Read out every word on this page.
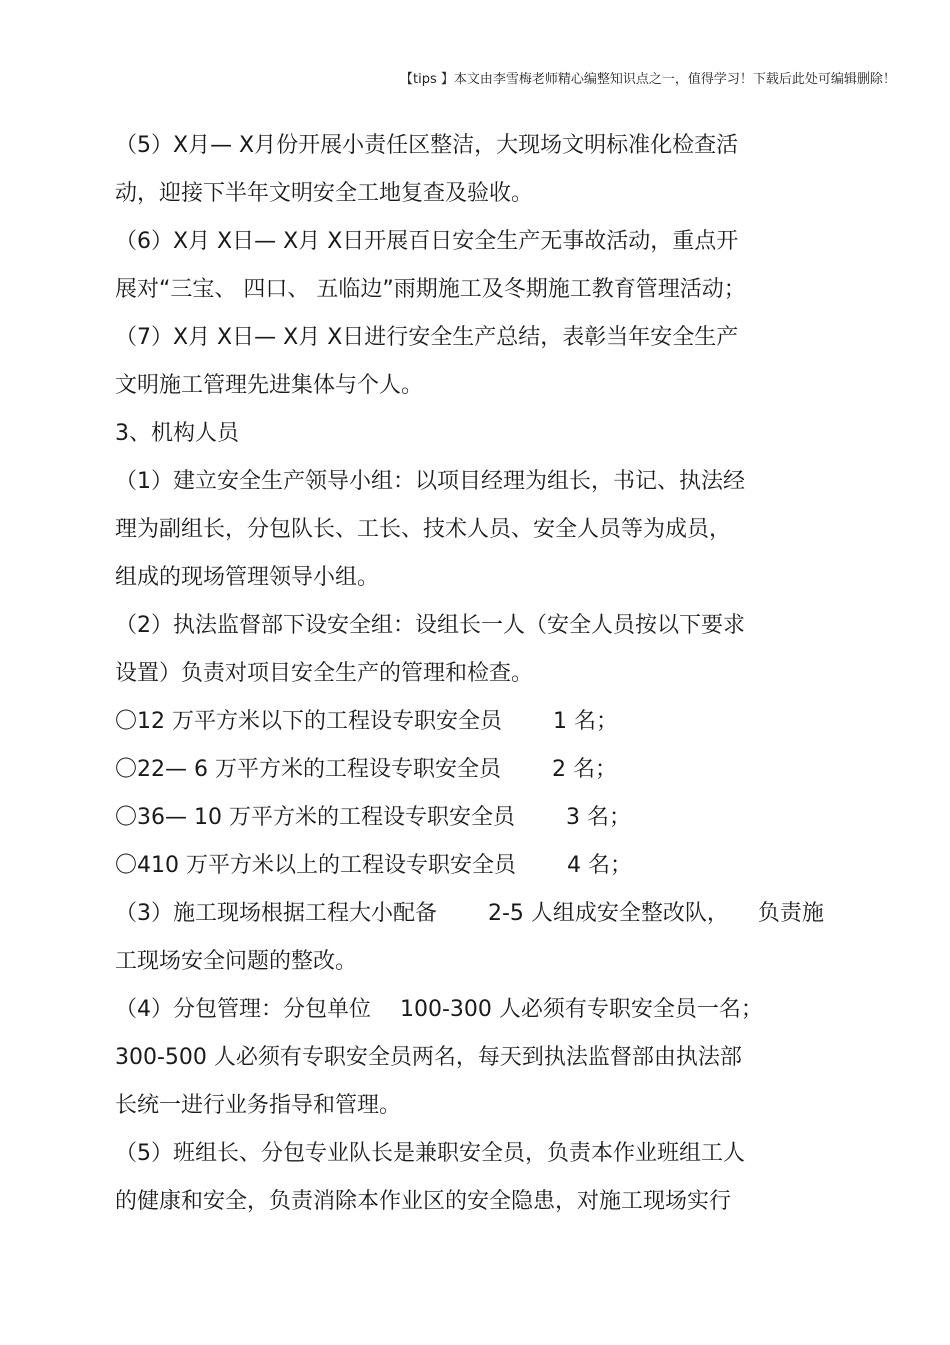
【tips 】本文由李雪梅老师精心编整知识点之一，值得学习！下载后此处可编辑删除！
（5）X月— X月份开展小责任区整洁，大现场文明标准化检查活
动，迎接下半年文明安全工地复查及验收。
（6）X月 X日— X月 X日开展百日安全生产无事故活动，重点开
展对“三宝、 四口、 五临边”雨期施工及冬期施工教育管理活动；
（7）X月 X日— X月 X日进行安全生产总结，表彰当年安全生产
文明施工管理先进集体与个人。
3、机构人员
（1）建立安全生产领导小组：以项目经理为组长，书记、执法经
理为副组长，分包队长、工长、技术人员、安全人员等为成员，
组成的现场管理领导小组。
（2）执法监督部下设安全组：设组长一人（安全人员按以下要求
设置）负责对项目安全生产的管理和检查。
〇12 万平方米以下的工程设专职安全员 　　1 名；
〇22— 6 万平方米的工程设专职安全员 　　2 名；
〇36— 10 万平方米的工程设专职安全员 　　3 名；
〇410 万平方米以上的工程设专职安全员 　　4 名；
（3）施工现场根据工程大小配备 　　2-5 人组成安全整改队， 　负责施
工现场安全问题的整改。
（4）分包管理：分包单位 　100-300 人必须有专职安全员一名；
300-500 人必须有专职安全员两名，每天到执法监督部由执法部
长统一进行业务指导和管理。
（5）班组长、分包专业队长是兼职安全员，负责本作业班组工人
的健康和安全，负责消除本作业区的安全隐患，对施工现场实行
